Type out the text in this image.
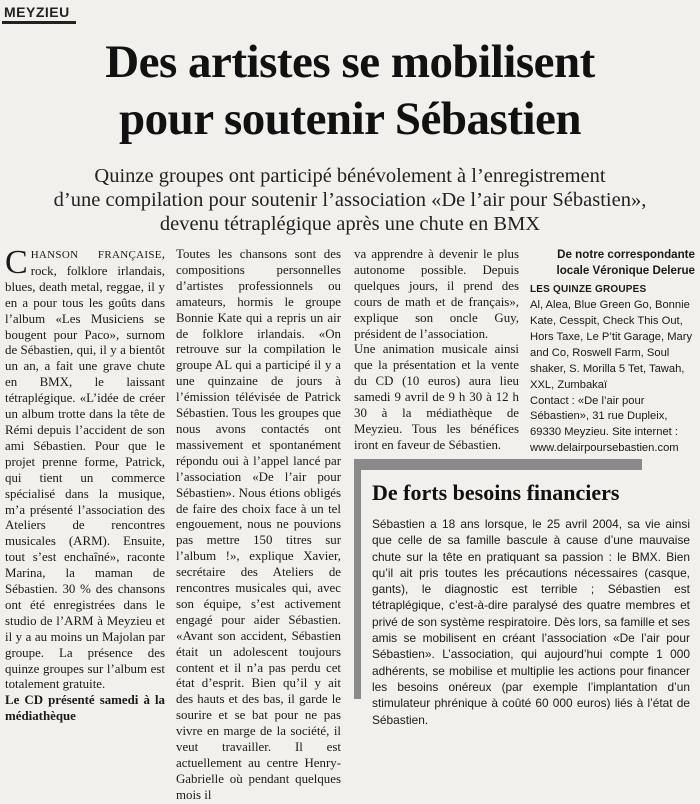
MEYZIEU
Des artistes se mobilisent
pour soutenir Sébastien
Quinze groupes ont participé bénévolement à l’enregistrement
d’une compilation pour soutenir l’association «De l’air pour Sébastien»,
devenu tétraplégique après une chute en BMX

CHANSON FRANÇAISE, rock, folklore irlandais, blues, death metal, reggae, il y en a pour tous les goûts dans l’album «Les Musiciens se bougent pour Paco», surnom de Sébastien, qui, il y a bientôt un an, a fait une grave chute en BMX, le laissant tétraplégique. «L’idée de créer un album trotte dans la tête de Rémi depuis l’accident de son ami Sébastien. Pour que le projet prenne forme, Patrick, qui tient un commerce spécialisé dans la musique, m’a présenté l’association des Ateliers de rencontres musicales (ARM). Ensuite, tout s’est enchaîné», raconte Marina, la maman de Sébastien. 30 % des chansons ont été enregistrées dans le studio de l’ARM à Meyzieu et il y a au moins un Majolan par groupe. La présence des quinze groupes sur l’album est totalement gratuite.

Le CD présenté samedi à la médiathèque

Toutes les chansons sont des compositions personnelles d’artistes professionnels ou amateurs, hormis le groupe Bonnie Kate qui a repris un air de folklore irlandais. «On retrouve sur la compilation le groupe AL qui a participé il y a une quinzaine de jours à l’émission télévisée de Patrick Sébastien. Tous les groupes que nous avons contactés ont massivement et spontanément répondu oui à l’appel lancé par l’association «De l’air pour Sébastien». Nous étions obligés de faire des choix face à un tel engouement, nous ne pouvions pas mettre 150 titres sur l’album !», explique Xavier, secrétaire des Ateliers de rencontres musicales qui, avec son équipe, s’est activement engagé pour aider Sébastien. «Avant son accident, Sébastien était un adolescent toujours content et il n’a pas perdu cet état d’esprit. Bien qu’il y ait des hauts et des bas, il garde le sourire et se bat pour ne pas vivre en marge de la société, il veut travailler. Il est actuellement au centre Henry-Gabrielle où pendant quelques mois il

va apprendre à devenir le plus autonome possible. Depuis quelques jours, il prend des cours de math et de français», explique son oncle Guy, président de l’association.

Une animation musicale ainsi que la présentation et la vente du CD (10 euros) aura lieu samedi 9 avril de 9 h 30 à 12 h 30 à la médiathèque de Meyzieu. Tous les bénéfices iront en faveur de Sébastien.

De notre correspondante locale Véronique Delerue

LES QUINZE GROUPES

Al, Alea, Blue Green Go, Bonnie Kate, Cesspit, Check This Out, Hors Taxe, Le P’tit Garage, Mary and Co, Roswell Farm, Soul shaker, S. Morilla 5 Tet, Tawah, XXL, Zumbakaï

Contact : «De l’air pour Sébastien», 31 rue Dupleix, 69330 Meyzieu. Site internet : www.delairpoursebastien.com

De forts besoins financiers

Sébastien a 18 ans lorsque, le 25 avril 2004, sa vie ainsi que celle de sa famille bascule à cause d’une mauvaise chute sur la tête en pratiquant sa passion : le BMX. Bien qu’il ait pris toutes les précautions nécessaires (casque, gants), le diagnostic est terrible ; Sébastien est tétraplégique, c’est-à-dire paralysé des quatre membres et privé de son système respiratoire. Dès lors, sa famille et ses amis se mobilisent en créant l’association «De l’air pour Sébastien». L’association, qui aujourd’hui compte 1 000 adhérents, se mobilise et multiplie les actions pour financer les besoins onéreux (par exemple l’implantation d’un stimulateur phrénique à coûté 60 000 euros) liés à l’état de Sébastien.
